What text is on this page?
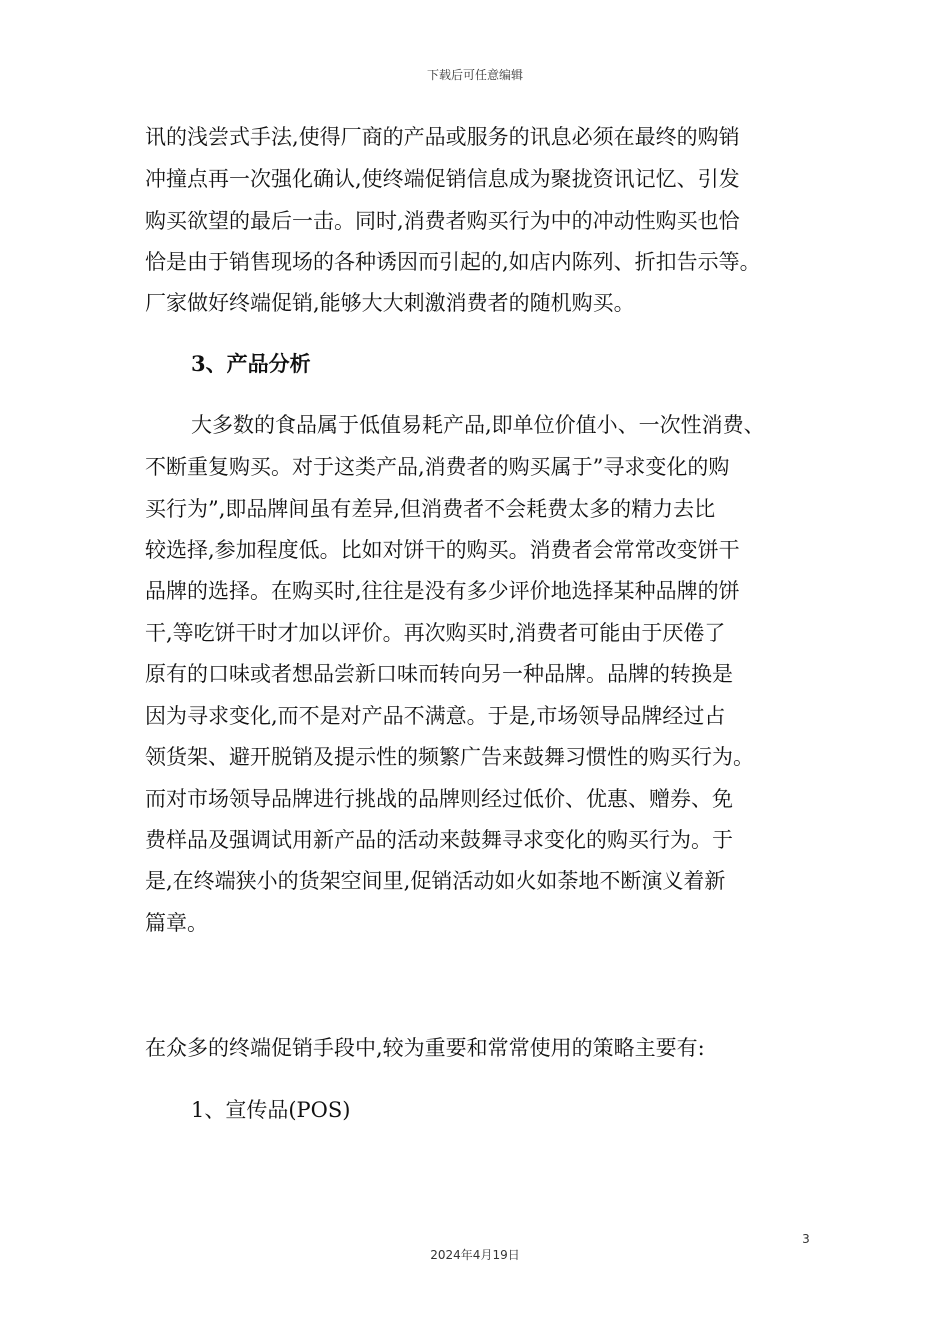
下载后可任意编辑
讯的浅尝式手法,使得厂商的产品或服务的讯息必须在最终的购销
冲撞点再一次强化确认,使终端促销信息成为聚拢资讯记忆、引发
购买欲望的最后一击。同时,消费者购买行为中的冲动性购买也恰
恰是由于销售现场的各种诱因而引起的,如店内陈列、折扣告示等。
厂家做好终端促销,能够大大刺激消费者的随机购买。
3、产品分析
大多数的食品属于低值易耗产品,即单位价值小、一次性消费、
不断重复购买。对于这类产品,消费者的购买属于”寻求变化的购
买行为”,即品牌间虽有差异,但消费者不会耗费太多的精力去比
较选择,参加程度低。比如对饼干的购买。消费者会常常改变饼干
品牌的选择。在购买时,往往是没有多少评价地选择某种品牌的饼
干,等吃饼干时才加以评价。再次购买时,消费者可能由于厌倦了
原有的口味或者想品尝新口味而转向另一种品牌。品牌的转换是
因为寻求变化,而不是对产品不满意。于是,市场领导品牌经过占
领货架、避开脱销及提示性的频繁广告来鼓舞习惯性的购买行为。
而对市场领导品牌进行挑战的品牌则经过低价、优惠、赠券、免
费样品及强调试用新产品的活动来鼓舞寻求变化的购买行为。于
是,在终端狭小的货架空间里,促销活动如火如荼地不断演义着新
篇章。
在众多的终端促销手段中,较为重要和常常使用的策略主要有:
1、宣传品(POS)
3
2024年4月19日
